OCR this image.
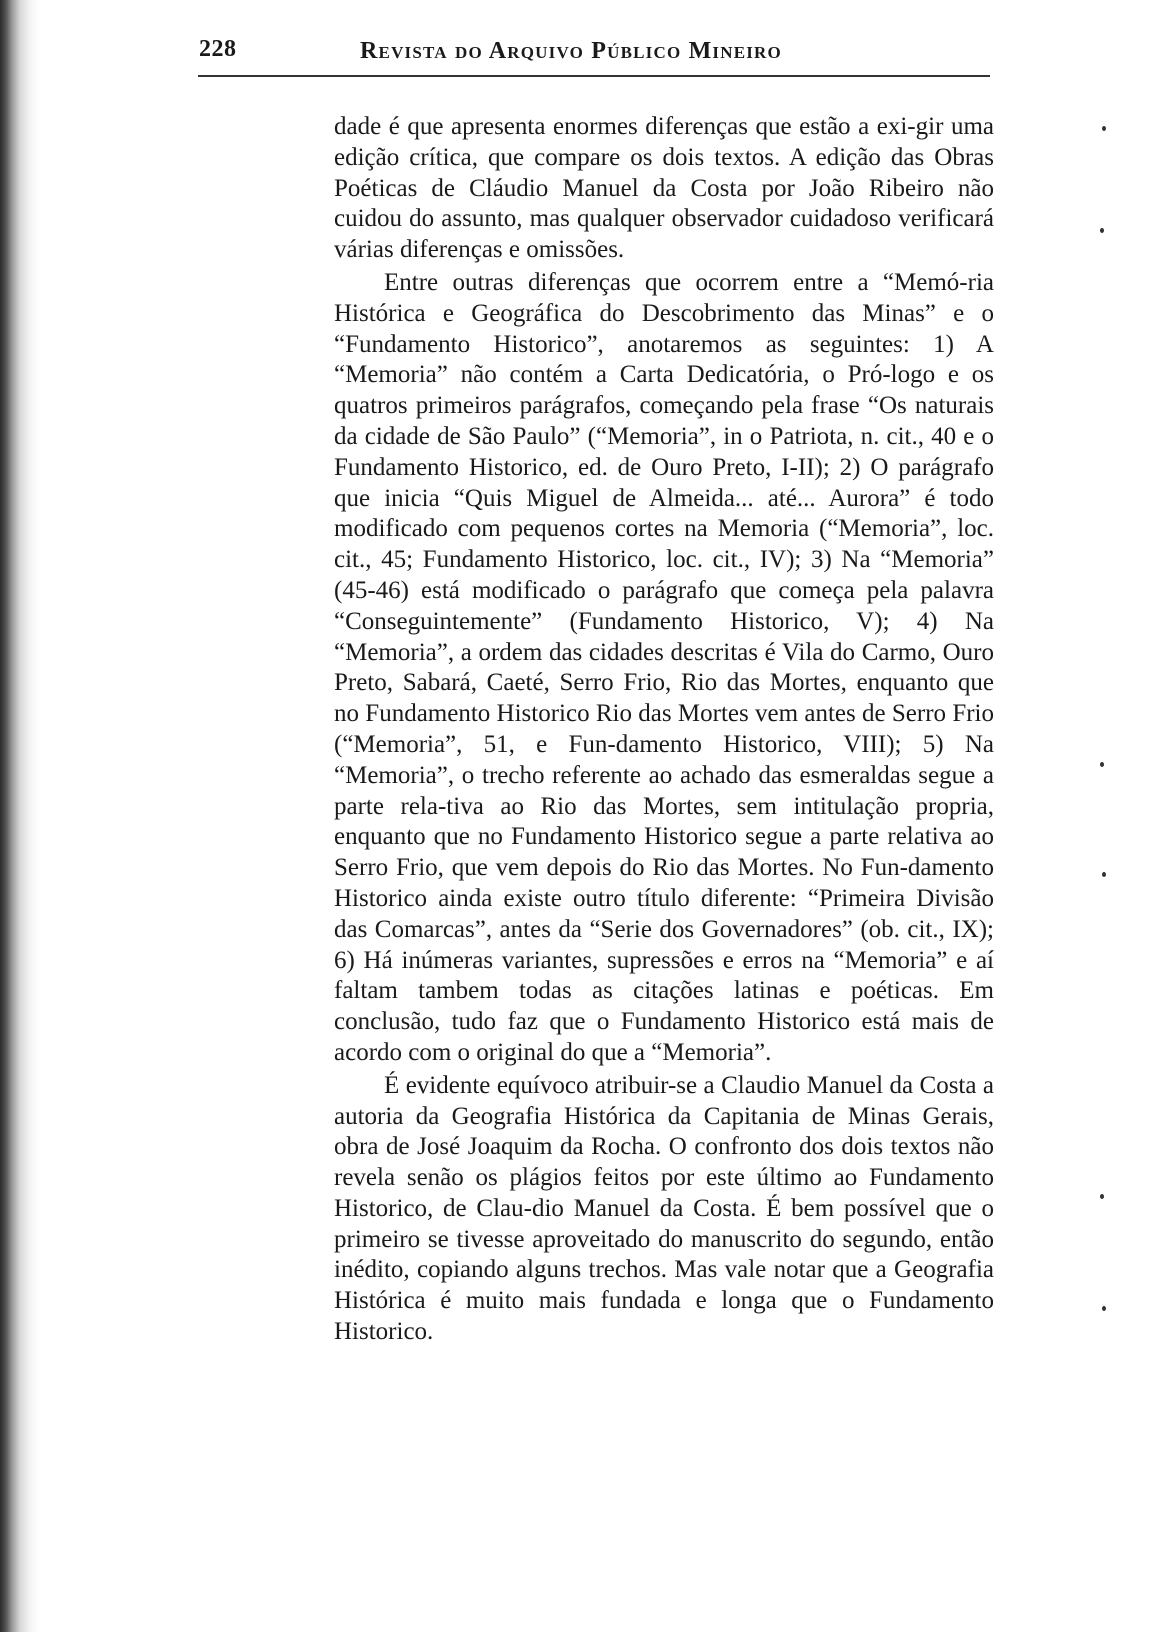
228	Revista do Arquivo Público Mineiro

dade é que apresenta enormes diferenças que estão a exi-gir uma edição crítica, que compare os dois textos. A edição das Obras Poéticas de Cláudio Manuel da Costa por João Ribeiro não cuidou do assunto, mas qualquer observador cuidadoso verificará várias diferenças e omissões.

Entre outras diferenças que ocorrem entre a “Memó-ria Histórica e Geográfica do Descobrimento das Minas” e o “Fundamento Historico”, anotaremos as seguintes: 1) A “Memoria” não contém a Carta Dedicatória, o Pró-logo e os quatros primeiros parágrafos, começando pela frase “Os naturais da cidade de São Paulo” (“Memoria”, in o Patriota, n. cit., 40 e o Fundamento Historico, ed. de Ouro Preto, I-II); 2) O parágrafo que inicia “Quis Miguel de Almeida... até... Aurora” é todo modificado com pequenos cortes na Memoria (“Memoria”, loc. cit., 45; Fundamento Historico, loc. cit., IV); 3) Na “Memoria” (45-46) está modificado o parágrafo que começa pela palavra “Conseguintemente” (Fundamento Historico, V); 4) Na “Memoria”, a ordem das cidades descritas é Vila do Carmo, Ouro Preto, Sabará, Caeté, Serro Frio, Rio das Mortes, enquanto que no Fundamento Historico Rio das Mortes vem antes de Serro Frio (“Memoria”, 51, e Fun-damento Historico, VIII); 5) Na “Memoria”, o trecho referente ao achado das esmeraldas segue a parte rela-tiva ao Rio das Mortes, sem intitulação propria, enquanto que no Fundamento Historico segue a parte relativa ao Serro Frio, que vem depois do Rio das Mortes. No Fun-damento Historico ainda existe outro título diferente: “Primeira Divisão das Comarcas”, antes da “Serie dos Governadores” (ob. cit., IX); 6) Há inúmeras variantes, supressões e erros na “Memoria” e aí faltam tambem todas as citações latinas e poéticas. Em conclusão, tudo faz que o Fundamento Historico está mais de acordo com o original do que a “Memoria”.

É evidente equívoco atribuir-se a Claudio Manuel da Costa a autoria da Geografia Histórica da Capitania de Minas Gerais, obra de José Joaquim da Rocha. O confronto dos dois textos não revela senão os plágios feitos por este último ao Fundamento Historico, de Clau-dio Manuel da Costa. É bem possível que o primeiro se tivesse aproveitado do manuscrito do segundo, então inédito, copiando alguns trechos. Mas vale notar que a Geografia Histórica é muito mais fundada e longa que o Fundamento Historico.
